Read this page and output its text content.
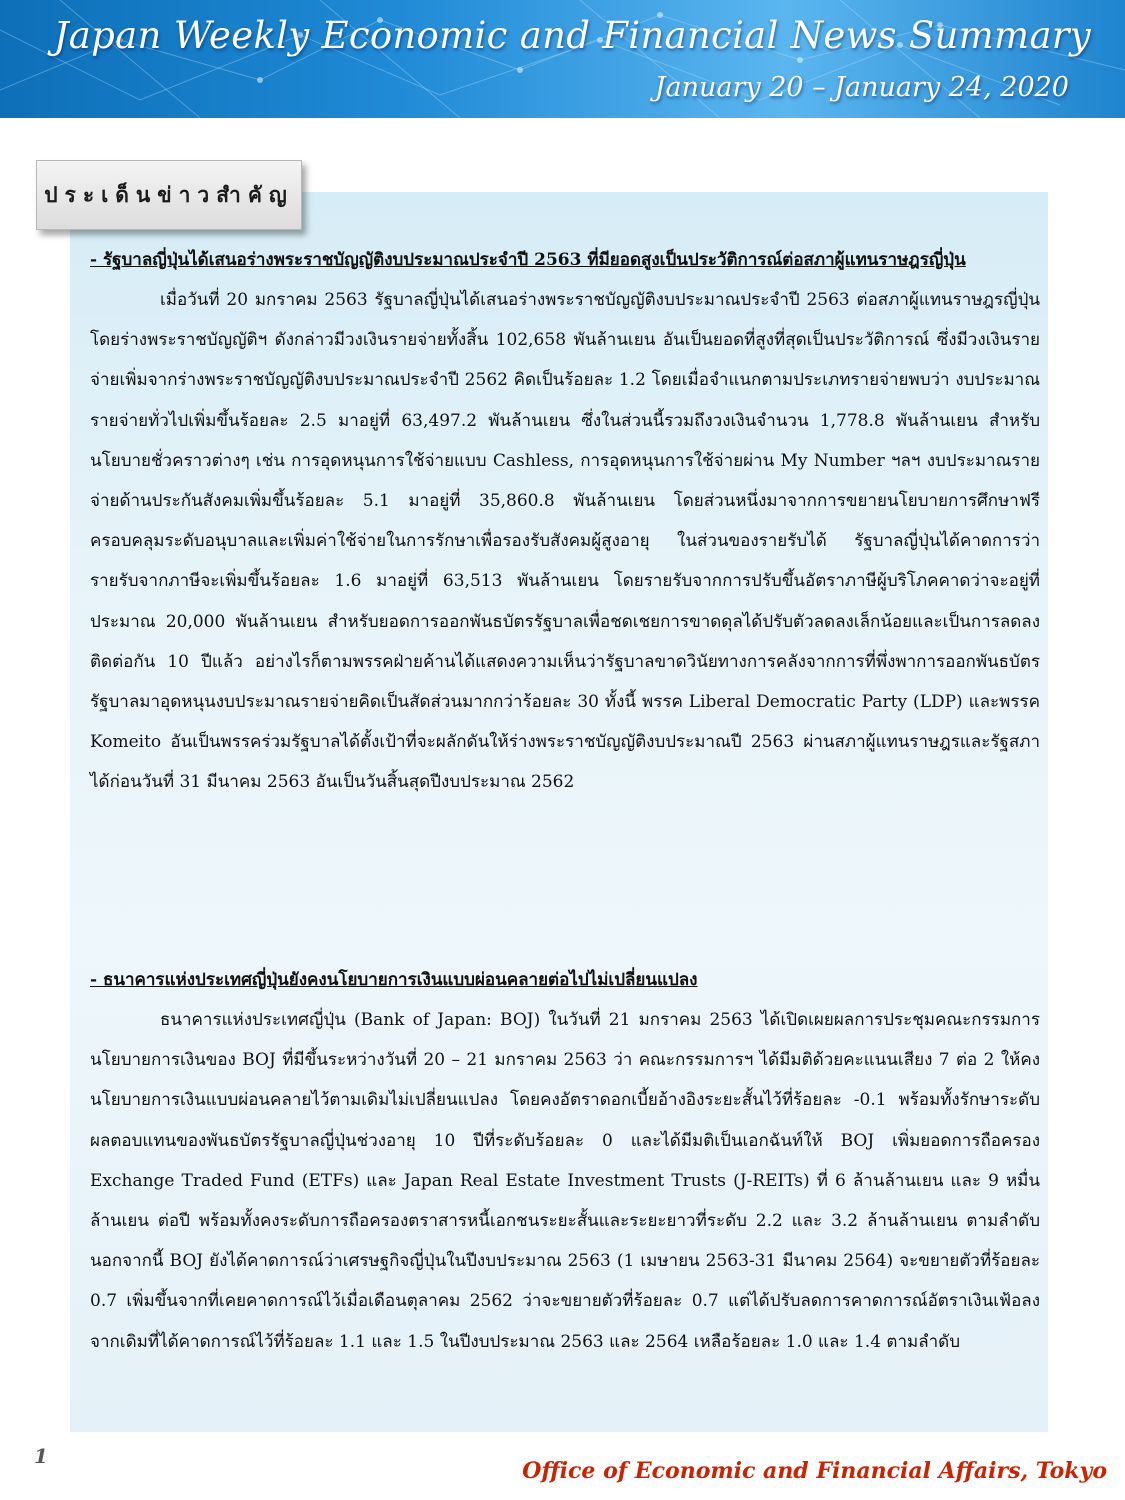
Japan Weekly Economic and Financial News Summary
January 20 – January 24, 2020
ประเด็นข่าวสำคัญ

- รัฐบาลญี่ปุ่นได้เสนอร่างพระราชบัญญัติงบประมาณประจำปี 2563 ที่มียอดสูงเป็นประวัติการณ์ต่อสภาผู้แทนราษฎรญี่ปุ่น

เมื่อวันที่ 20 มกราคม 2563 รัฐบาลญี่ปุ่นได้เสนอร่างพระราชบัญญัติงบประมาณประจำปี 2563 ต่อสภาผู้แทนราษฎรญี่ปุ่นโดยร่างพระราชบัญญัติฯ ดังกล่าวมีวงเงินรายจ่ายทั้งสิ้น 102,658 พันล้านเยน อันเป็นยอดที่สูงที่สุดเป็นประวัติการณ์ ซึ่งมีวงเงินรายจ่ายเพิ่มจากร่างพระราชบัญญัติงบประมาณประจำปี 2562 คิดเป็นร้อยละ 1.2 โดยเมื่อจำแนกตามประเภทรายจ่ายพบว่า งบประมาณรายจ่ายทั่วไปเพิ่มขึ้นร้อยละ 2.5 มาอยู่ที่ 63,497.2 พันล้านเยน ซึ่งในส่วนนี้รวมถึงวงเงินจำนวน 1,778.8 พันล้านเยน สำหรับนโยบายชั่วคราวต่างๆ เช่น การอุดหนุนการใช้จ่ายแบบ Cashless, การอุดหนุนการใช้จ่ายผ่าน My Number ฯลฯ งบประมาณรายจ่ายด้านประกันสังคมเพิ่มขึ้นร้อยละ 5.1 มาอยู่ที่ 35,860.8 พันล้านเยน โดยส่วนหนึ่งมาจากการขยายนโยบายการศึกษาฟรีครอบคลุมระดับอนุบาลและเพิ่มค่าใช้จ่ายในการรักษาเพื่อรองรับสังคมผู้สูงอายุ ในส่วนของรายรับได้ รัฐบาลญี่ปุ่นได้คาดการว่ารายรับจากภาษีจะเพิ่มขึ้นร้อยละ 1.6 มาอยู่ที่ 63,513 พันล้านเยน โดยรายรับจากการปรับขึ้นอัตราภาษีผู้บริโภคคาดว่าจะอยู่ที่ประมาณ 20,000 พันล้านเยน สำหรับยอดการออกพันธบัตรรัฐบาลเพื่อชดเชยการขาดดุลได้ปรับตัวลดลงเล็กน้อยและเป็นการลดลงติดต่อกัน 10 ปีแล้ว อย่างไรก็ตามพรรคฝ่ายค้านได้แสดงความเห็นว่ารัฐบาลขาดวินัยทางการคลังจากการที่พึ่งพาการออกพันธบัตรรัฐบาลมาอุดหนุนงบประมาณรายจ่ายคิดเป็นสัดส่วนมากกว่าร้อยละ 30 ทั้งนี้ พรรค Liberal Democratic Party (LDP) และพรรค Komeito อันเป็นพรรคร่วมรัฐบาลได้ตั้งเป้าที่จะผลักดันให้ร่างพระราชบัญญัติงบประมาณปี 2563 ผ่านสภาผู้แทนราษฎรและรัฐสภาได้ก่อนวันที่ 31 มีนาคม 2563 อันเป็นวันสิ้นสุดปีงบประมาณ 2562

- ธนาคารแห่งประเทศญี่ปุ่นยังคงนโยบายการเงินแบบผ่อนคลายต่อไปไม่เปลี่ยนแปลง

ธนาคารแห่งประเทศญี่ปุ่น (Bank of Japan: BOJ) ในวันที่ 21 มกราคม 2563 ได้เปิดเผยผลการประชุมคณะกรรมการนโยบายการเงินของ BOJ ที่มีขึ้นระหว่างวันที่ 20 – 21 มกราคม 2563 ว่า คณะกรรมการฯ ได้มีมติด้วยคะแนนเสียง 7 ต่อ 2 ให้คงนโยบายการเงินแบบผ่อนคลายไว้ตามเดิมไม่เปลี่ยนแปลง โดยคงอัตราดอกเบี้ยอ้างอิงระยะสั้นไว้ที่ร้อยละ -0.1 พร้อมทั้งรักษาระดับผลตอบแทนของพันธบัตรรัฐบาลญี่ปุ่นช่วงอายุ 10 ปีที่ระดับร้อยละ 0 และได้มีมติเป็นเอกฉันท์ให้ BOJ เพิ่มยอดการถือครอง Exchange Traded Fund (ETFs) และ Japan Real Estate Investment Trusts (J-REITs) ที่ 6 ล้านล้านเยน และ 9 หมื่นล้านเยน ต่อปี พร้อมทั้งคงระดับการถือครองตราสารหนี้เอกชนระยะสั้นและระยะยาวที่ระดับ 2.2 และ 3.2 ล้านล้านเยน ตามลำดับ นอกจากนี้ BOJ ยังได้คาดการณ์ว่าเศรษฐกิจญี่ปุ่นในปีงบประมาณ 2563 (1 เมษายน 2563-31 มีนาคม 2564) จะขยายตัวที่ร้อยละ 0.7 เพิ่มขึ้นจากที่เคยคาดการณ์ไว้เมื่อเดือนตุลาคม 2562 ว่าจะขยายตัวที่ร้อยละ 0.7 แต่ได้ปรับลดการคาดการณ์อัตราเงินเฟ้อลงจากเดิมที่ได้คาดการณ์ไว้ที่ร้อยละ 1.1 และ 1.5 ในปีงบประมาณ 2563 และ 2564 เหลือร้อยละ 1.0 และ 1.4 ตามลำดับ

1
Office of Economic and Financial Affairs, Tokyo
